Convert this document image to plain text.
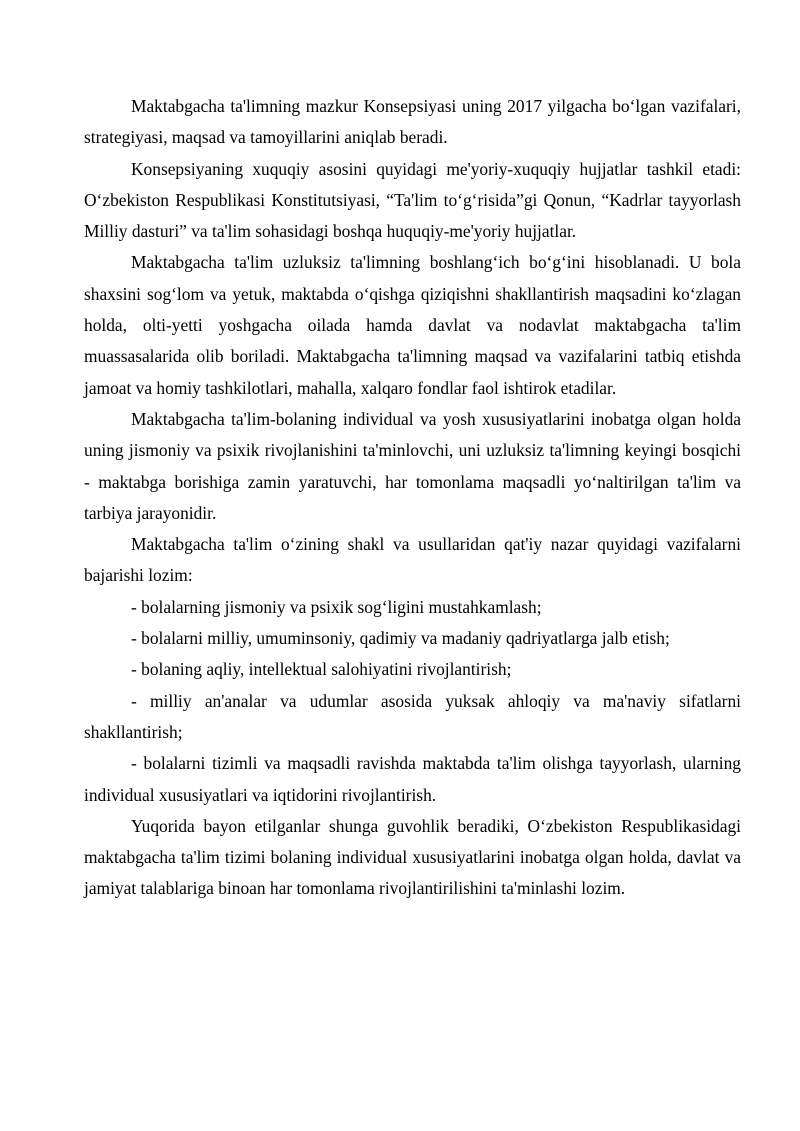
Maktabgacha ta'limning mazkur Konsepsiyasi uning 2017 yilgacha bo‘lgan vazifalari, strategiyasi, maqsad va tamoyillarini aniqlab beradi.

Konsepsiyaning xuquqiy asosini quyidagi me'yoriy-xuquqiy hujjatlar tashkil etadi: O‘zbekiston Respublikasi Konstitutsiyasi, “Ta'lim to‘g‘risida”gi Qonun, “Kadrlar tayyorlash Milliy dasturi” va ta'lim sohasidagi boshqa huquqiy-me'yoriy hujjatlar.

Maktabgacha ta'lim uzluksiz ta'limning boshlang‘ich bo‘g‘ini hisoblanadi. U bola shaxsini sog‘lom va yetuk, maktabda o‘qishga qiziqishni shakllantirish maqsadini ko‘zlagan holda, olti-yetti yoshgacha oilada hamda davlat va nodavlat maktabgacha ta'lim muassasalarida olib boriladi. Maktabgacha ta'limning maqsad va vazifalarini tatbiq etishda jamoat va homiy tashkilotlari, mahalla, xalqaro fondlar faol ishtirok etadilar.

Maktabgacha ta'lim-bolaning individual va yosh xususiyatlarini inobatga olgan holda uning jismoniy va psixik rivojlanishini ta'minlovchi, uni uzluksiz ta'limning keyingi bosqichi - maktabga borishiga zamin yaratuvchi, har tomonlama maqsadli yo‘naltirilgan ta'lim va tarbiya jarayonidir.

Maktabgacha ta'lim o‘zining shakl va usullaridan qat'iy nazar quyidagi vazifalarni bajarishi lozim:

- bolalarning jismoniy va psixik sog‘ligini mustahkamlash;

- bolalarni milliy, umuminsoniy, qadimiy va madaniy qadriyatlarga jalb etish;

- bolaning aqliy, intellektual salohiyatini rivojlantirish;

- milliy an'analar va udumlar asosida yuksak ahloqiy va ma'naviy sifatlarni shakllantirish;

- bolalarni tizimli va maqsadli ravishda maktabda ta'lim olishga tayyorlash, ularning individual xususiyatlari va iqtidorini rivojlantirish.

Yuqorida bayon etilganlar shunga guvohlik beradiki, O‘zbekiston Respublikasidagi maktabgacha ta'lim tizimi bolaning individual xususiyatlarini inobatga olgan holda, davlat va jamiyat talablariga binoan har tomonlama rivojlantirilishini ta'minlashi lozim.
